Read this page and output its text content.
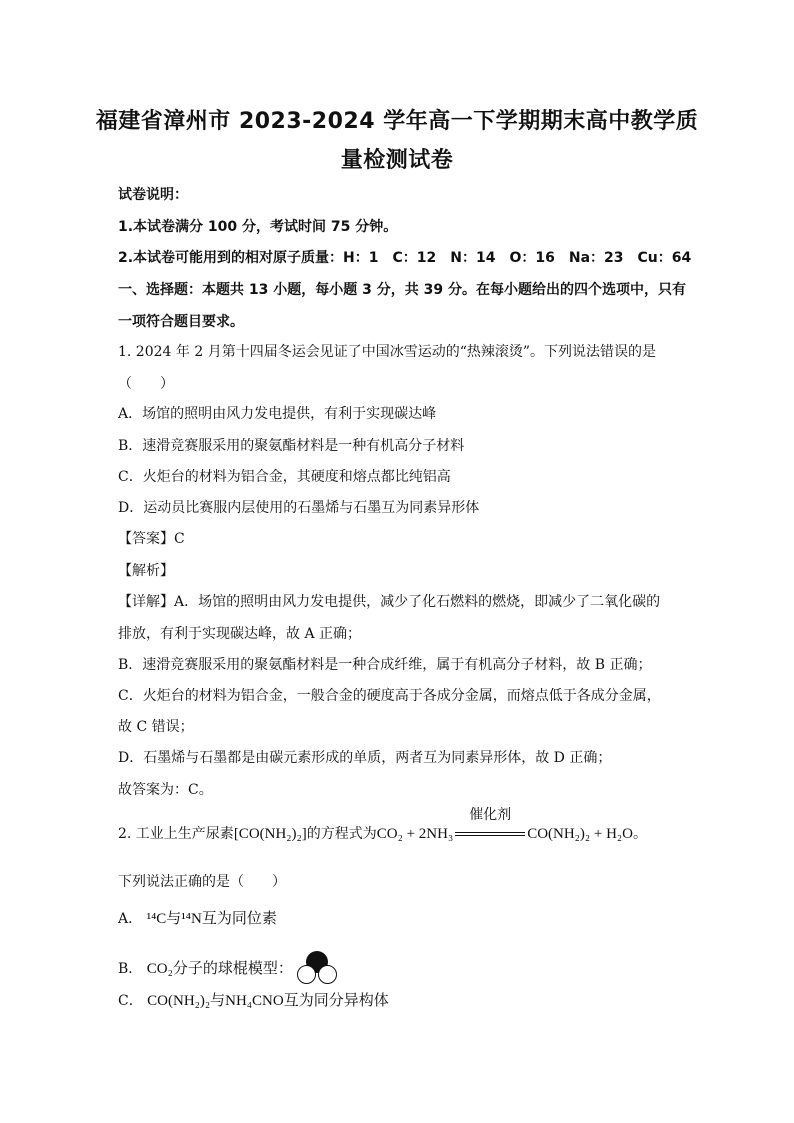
福建省漳州市 2023-2024 学年高一下学期期末高中教学质
量检测试卷
试卷说明：
1.本试卷满分 100 分，考试时间 75 分钟。
2.本试卷可能用到的相对原子质量：H：1　C：12　N：14　O：16　Na：23　Cu：64
一、选择题：本题共 13 小题，每小题 3 分，共 39 分。在每小题给出的四个选项中，只有
一项符合题目要求。
1. 2024 年 2 月第十四届冬运会见证了中国冰雪运动的“热辣滚烫”。下列说法错误的是
（　　）
A．场馆的照明由风力发电提供，有利于实现碳达峰
B．速滑竞赛服采用的聚氨酯材料是一种有机高分子材料
C．火炬台的材料为铝合金，其硬度和熔点都比纯铝高
D．运动员比赛服内层使用的石墨烯与石墨互为同素异形体
【答案】C
【解析】
【详解】A．场馆的照明由风力发电提供，减少了化石燃料的燃烧，即减少了二氧化碳的
排放，有利于实现碳达峰，故 A 正确；
B．速滑竞赛服采用的聚氨酯材料是一种合成纤维，属于有机高分子材料，故 B 正确；
C．火炬台的材料为铝合金，一般合金的硬度高于各成分金属，而熔点低于各成分金属，
故 C 错误；
D．石墨烯与石墨都是由碳元素形成的单质，两者互为同素异形体，故 D 正确；
故答案为：C。
2. 工业上生产尿素[CO(NH₂)₂]的方程式为CO₂ + 2NH₃
催化剂
CO(NH₂)₂ + H₂O。
下列说法正确的是（　　）
A． ¹⁴C与¹⁴N互为同位素
B． CO₂分子的球棍模型：
C． CO(NH₂)₂与NH₄CNO互为同分异构体
